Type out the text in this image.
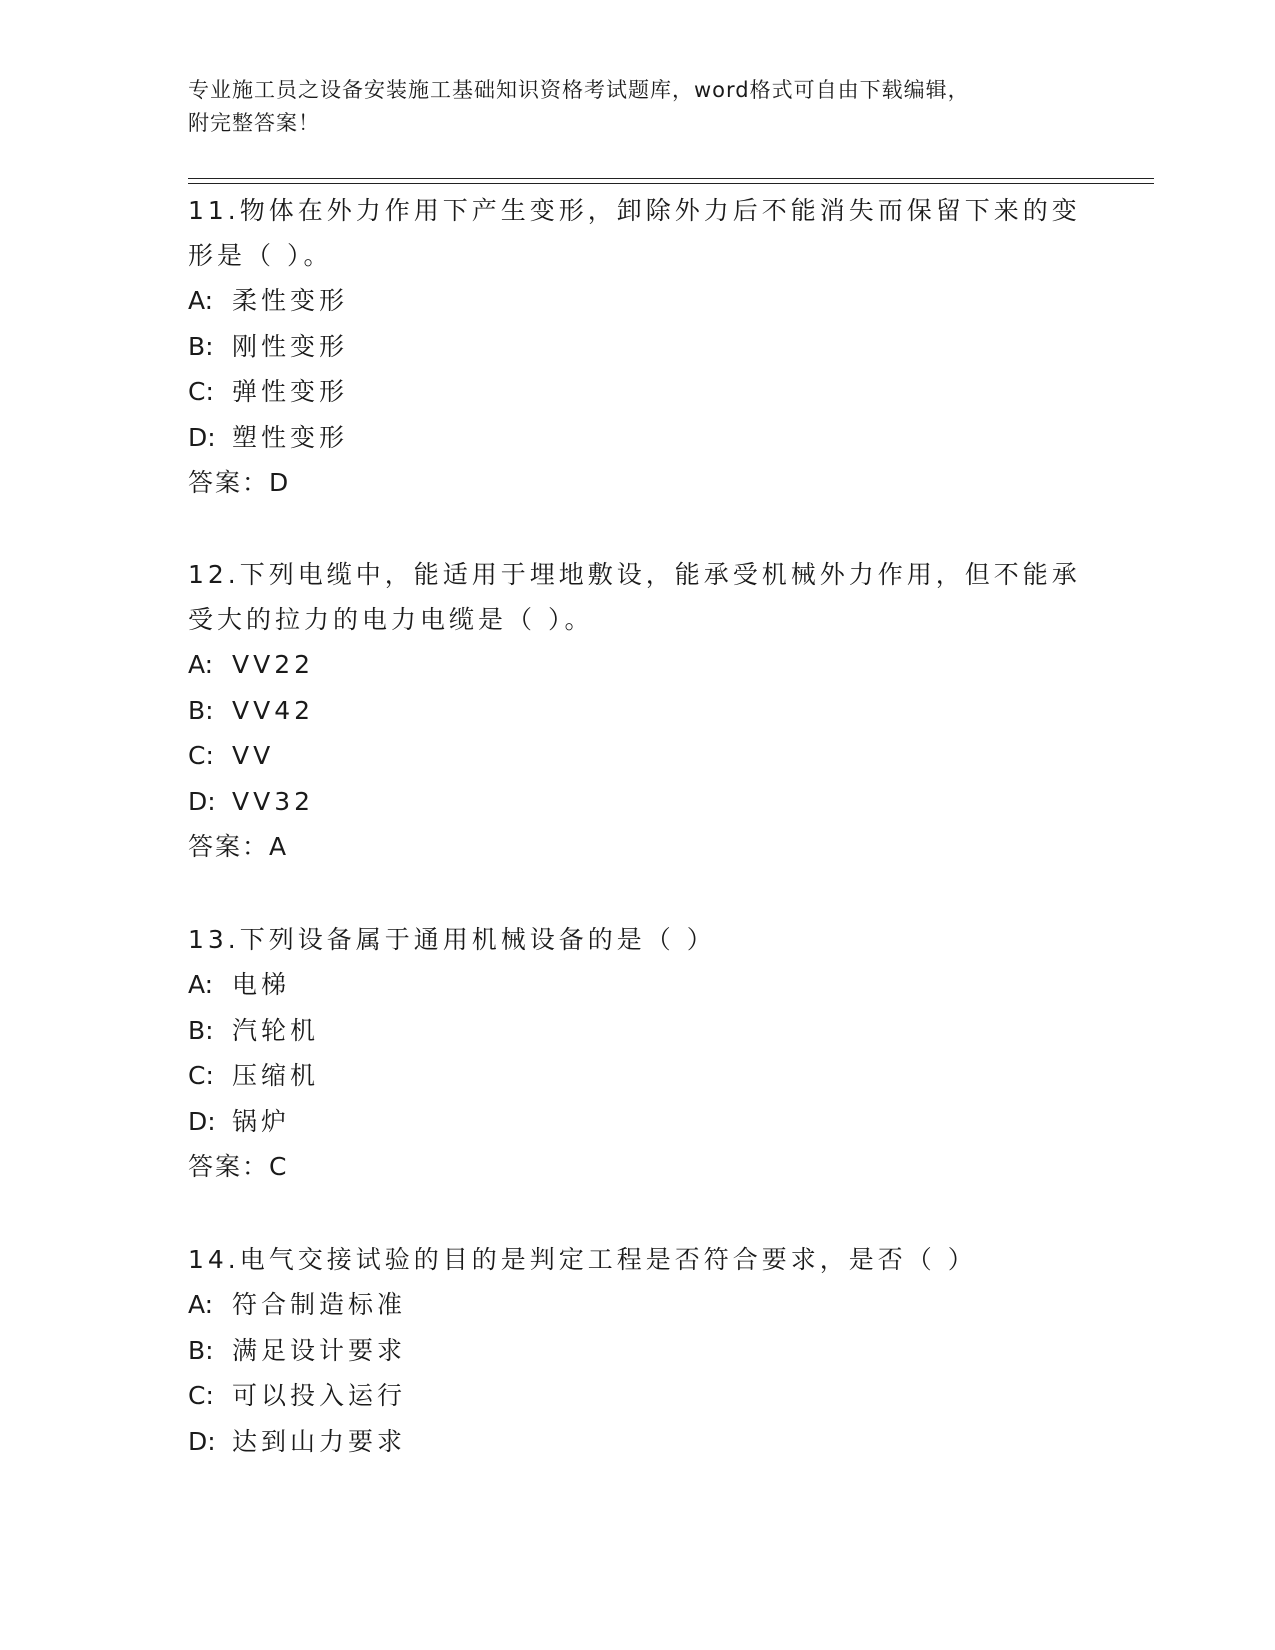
专业施工员之设备安装施工基础知识资格考试题库，word格式可自由下载编辑，
附完整答案！

11.物体在外力作用下产生变形，卸除外力后不能消失而保留下来的变
形是（ ）。

A: 柔性变形

B: 刚性变形

C: 弹性变形

D: 塑性变形

答案：D

12.下列电缆中，能适用于埋地敷设，能承受机械外力作用，但不能承
受大的拉力的电力电缆是（ ）。

A: VV22

B: VV42

C: VV

D: VV32

答案：A

13.下列设备属于通用机械设备的是（ ）

A: 电梯

B: 汽轮机

C: 压缩机

D: 锅炉

答案：C

14.电气交接试验的目的是判定工程是否符合要求，是否（ ）

A: 符合制造标准

B: 满足设计要求

C: 可以投入运行

D: 达到山力要求
